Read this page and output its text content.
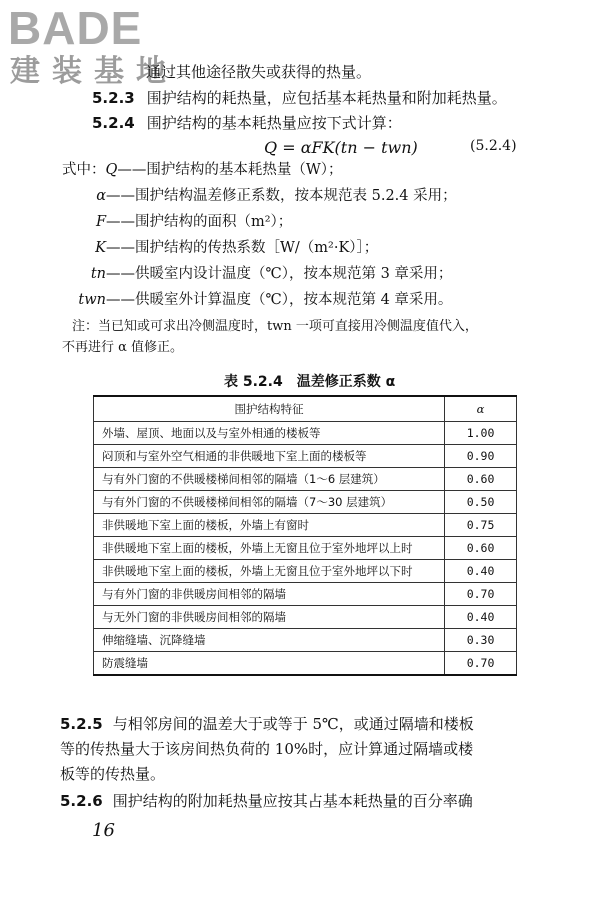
BADE
建装基地
通过其他途径散失或获得的热量。
5.2.3 围护结构的耗热量，应包括基本耗热量和附加耗热量。
5.2.4 围护结构的基本耗热量应按下式计算：
Q = αFK(tn − twn)	(5.2.4)
式中：Q——围护结构的基本耗热量（W）；
α——围护结构温差修正系数，按本规范表 5.2.4 采用；
F——围护结构的面积（m²）；
K——围护结构的传热系数［W/（m²·K）］；
tn——供暖室内设计温度（℃），按本规范第 3 章采用；
twn——供暖室外计算温度（℃），按本规范第 4 章采用。
注：当已知或可求出冷侧温度时，twn 一项可直接用冷侧温度值代入，
不再进行 α 值修正。
表 5.2.4　温差修正系数 α
围护结构特征	α
外墙、屋顶、地面以及与室外相通的楼板等	1.00
闷顶和与室外空气相通的非供暖地下室上面的楼板等	0.90
与有外门窗的不供暖楼梯间相邻的隔墙（1～6 层建筑）	0.60
与有外门窗的不供暖楼梯间相邻的隔墙（7～30 层建筑）	0.50
非供暖地下室上面的楼板，外墙上有窗时	0.75
非供暖地下室上面的楼板，外墙上无窗且位于室外地坪以上时	0.60
非供暖地下室上面的楼板，外墙上无窗且位于室外地坪以下时	0.40
与有外门窗的非供暖房间相邻的隔墙	0.70
与无外门窗的非供暖房间相邻的隔墙	0.40
伸缩缝墙、沉降缝墙	0.30
防震缝墙	0.70
5.2.5 与相邻房间的温差大于或等于 5℃，或通过隔墙和楼板
等的传热量大于该房间热负荷的 10%时，应计算通过隔墙或楼
板等的传热量。
5.2.6 围护结构的附加耗热量应按其占基本耗热量的百分率确
16
